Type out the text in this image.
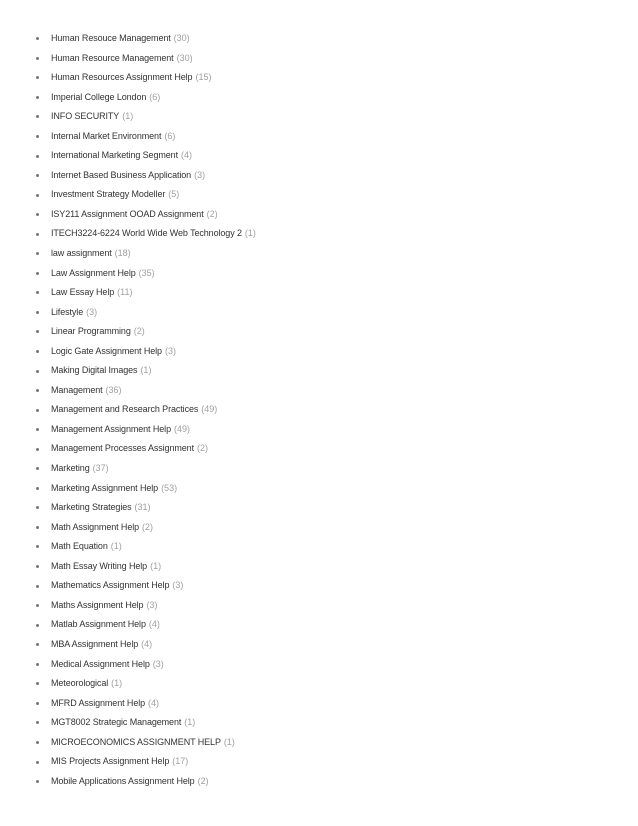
Human Resouce Management (30)
Human Resource Management (30)
Human Resources Assignment Help (15)
Imperial College London (6)
INFO SECURITY (1)
Internal Market Environment (6)
International Marketing Segment (4)
Internet Based Business Application (3)
Investment Strategy Modeller (5)
ISY211 Assignment OOAD Assignment (2)
ITECH3224-6224 World Wide Web Technology 2 (1)
law assignment (18)
Law Assignment Help (35)
Law Essay Help (11)
Lifestyle (3)
Linear Programming (2)
Logic Gate Assignment Help (3)
Making Digital Images (1)
Management (36)
Management and Research Practices (49)
Management Assignment Help (49)
Management Processes Assignment (2)
Marketing (37)
Marketing Assignment Help (53)
Marketing Strategies (31)
Math Assignment Help (2)
Math Equation (1)
Math Essay Writing Help (1)
Mathematics Assignment Help (3)
Maths Assignment Help (3)
Matlab Assignment Help (4)
MBA Assignment Help (4)
Medical Assignment Help (3)
Meteorological (1)
MFRD Assignment Help (4)
MGT8002 Strategic Management (1)
MICROECONOMICS ASSIGNMENT HELP (1)
MIS Projects Assignment Help (17)
Mobile Applications Assignment Help (2)
